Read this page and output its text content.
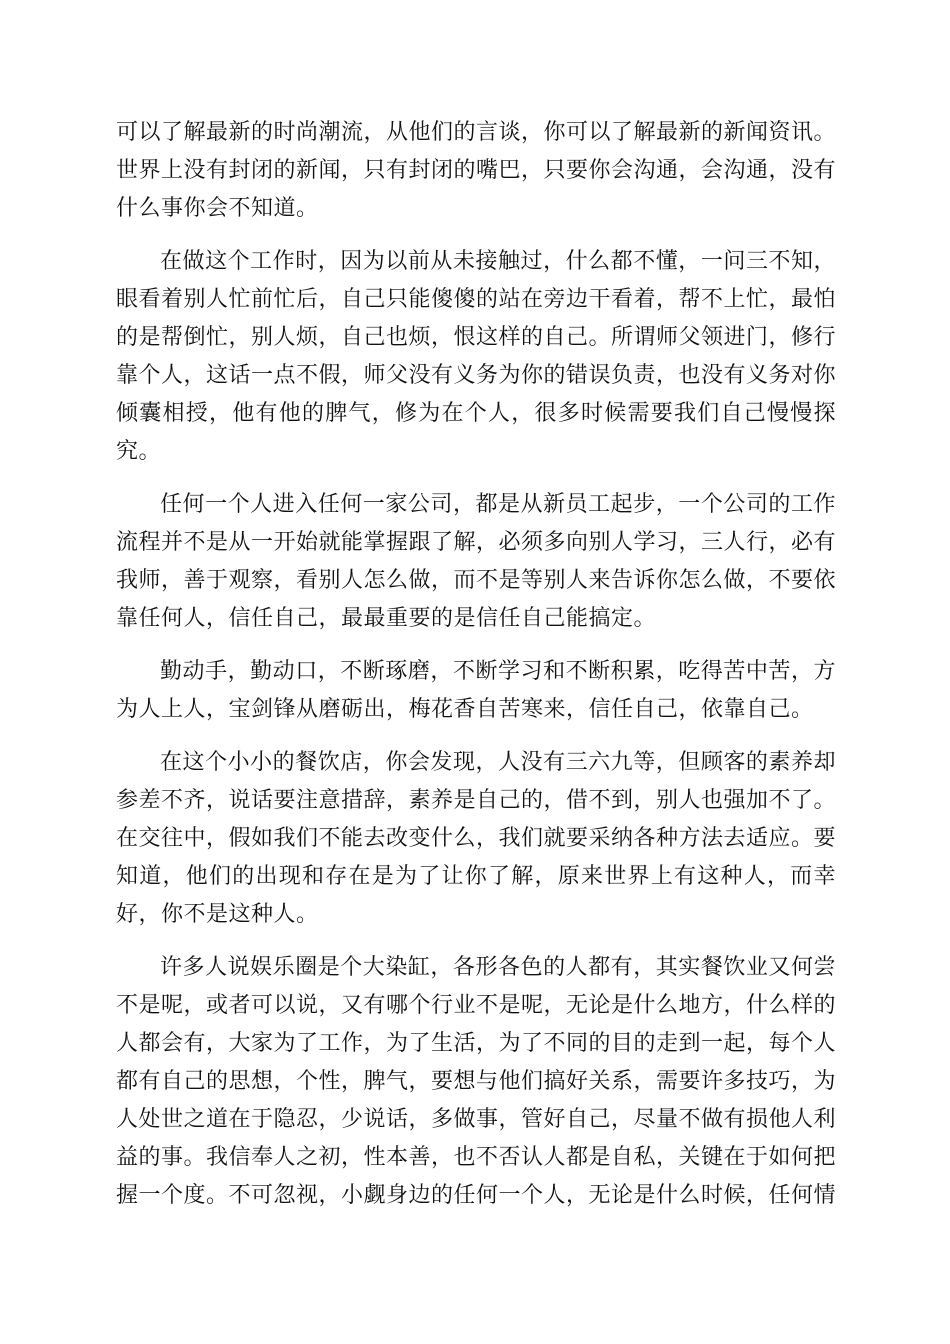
可以了解最新的时尚潮流，从他们的言谈，你可以了解最新的新闻资讯。世界上没有封闭的新闻，只有封闭的嘴巴，只要你会沟通，会沟通，没有什么事你会不知道。

在做这个工作时，因为以前从未接触过，什么都不懂，一问三不知，眼看着别人忙前忙后，自己只能傻傻的站在旁边干看着，帮不上忙，最怕的是帮倒忙，别人烦，自己也烦，恨这样的自己。所谓师父领进门，修行靠个人，这话一点不假，师父没有义务为你的错误负责，也没有义务对你倾囊相授，他有他的脾气，修为在个人，很多时候需要我们自己慢慢探究。

任何一个人进入任何一家公司，都是从新员工起步，一个公司的工作流程并不是从一开始就能掌握跟了解，必须多向别人学习，三人行，必有我师，善于观察，看别人怎么做，而不是等别人来告诉你怎么做，不要依靠任何人，信任自己，最最重要的是信任自己能搞定。

勤动手，勤动口，不断琢磨，不断学习和不断积累，吃得苦中苦，方为人上人，宝剑锋从磨砺出，梅花香自苦寒来，信任自己，依靠自己。

在这个小小的餐饮店，你会发现，人没有三六九等，但顾客的素养却参差不齐，说话要注意措辞，素养是自己的，借不到，别人也强加不了。在交往中，假如我们不能去改变什么，我们就要采纳各种方法去适应。要知道，他们的出现和存在是为了让你了解，原来世界上有这种人，而幸好，你不是这种人。

许多人说娱乐圈是个大染缸，各形各色的人都有，其实餐饮业又何尝不是呢，或者可以说，又有哪个行业不是呢，无论是什么地方，什么样的人都会有，大家为了工作，为了生活，为了不同的目的走到一起，每个人都有自己的思想，个性，脾气，要想与他们搞好关系，需要许多技巧，为人处世之道在于隐忍，少说话，多做事，管好自己，尽量不做有损他人利益的事。我信奉人之初，性本善，也不否认人都是自私，关键在于如何把握一个度。不可忽视，小觑身边的任何一个人，无论是什么时候，任何情
